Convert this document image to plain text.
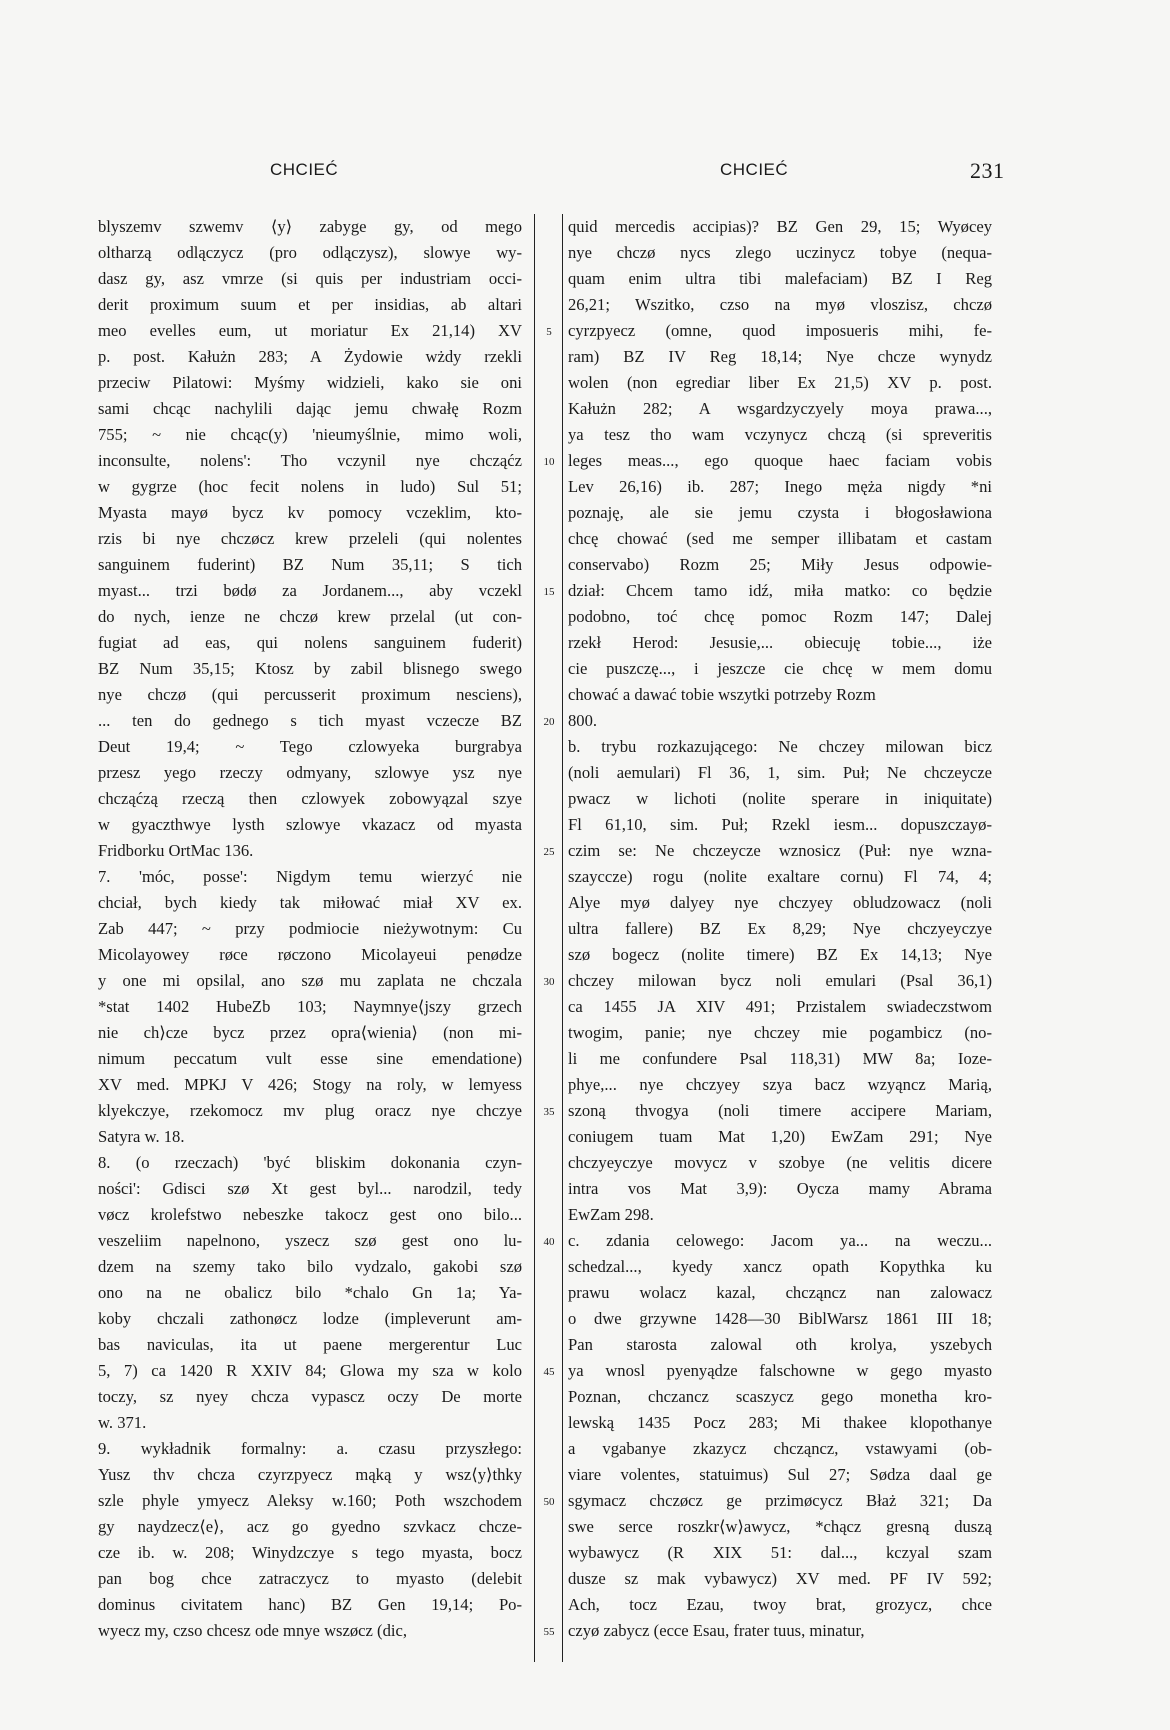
CHCIEĆ	CHCIEĆ	231
blyszemv szwemv ⟨y⟩ zabyge gy, od mego
oltharzą odlączycz (pro odlączysz), slowye wy-
dasz gy, asz vmrze (si quis per industriam occi-
derit proximum suum et per insidias, ab altari
meo evelles eum, ut moriatur Ex 21,14) XV
p. post. Kałużn 283; A Żydowie wżdy rzekli
przeciw Pilatowi: Myśmy widzieli, kako sie oni
sami chcąc nachylili dając jemu chwałę Rozm
755; ~ nie chcąc(y) 'nieumyślnie, mimo woli,
inconsulte, nolens': Tho vczynil nye chcząćz
w gygrze (hoc fecit nolens in ludo) Sul 51;
Myasta mayø bycz kv pomocy vczeklim, kto-
rzis bi nye chczøcz krew przeleli (qui nolentes
sanguinem fuderint) BZ Num 35,11; S tich
myast... trzi bødø za Jordanem..., aby vczekl
do nych, ienze ne chczø krew przelal (ut con-
fugiat ad eas, qui nolens sanguinem fuderit)
BZ Num 35,15; Ktosz by zabil blisnego swego
nye chczø (qui percusserit proximum nesciens),
... ten do gednego s tich myast vczecze BZ
Deut 19,4; ~ Tego czlowyeka burgrabya
przesz yego rzeczy odmyany, szlowye ysz nye
chcząćzą rzeczą then czlowyek zobowyązal szye
w gyaczthwye lysth szlowye vkazacz od myasta
Fridborku OrtMac 136.
7. 'móc, posse': Nigdym temu wierzyć nie
chciał, bych kiedy tak miłować miał XV ex.
Zab 447; ~ przy podmiocie nieżywotnym: Cu
Micolayowey røce røczono Micolayeui penødze
y one mi opsilal, ano szø mu zaplata ne chczala
*stat 1402 HubeZb 103; Naymnye⟨jszy grzech
nie ch⟩cze bycz przez opra⟨wienia⟩ (non mi-
nimum peccatum vult esse sine emendatione)
XV med. MPKJ V 426; Stogy na roly, w lemyess
klyekczye, rzekomocz mv plug oracz nye chczye
Satyra w. 18.
8. (o rzeczach) 'być bliskim dokonania czyn-
ności': Gdisci szø Xt gest byl... narodzil, tedy
vøcz krolefstwo nebeszke takocz gest ono bilo...
veszeliim napelnono, yszecz szø gest ono lu-
dzem na szemy tako bilo vydzalo, gakobi szø
ono na ne obalicz bilo *chalo Gn 1a; Ya-
koby chczali zathonøcz lodze (impleverunt am-
bas naviculas, ita ut paene mergerentur Luc
5, 7) ca 1420 R XXIV 84; Glowa my sza w kolo
toczy, sz nyey chcza vypascz oczy De morte
w. 371.
9. wykładnik formalny: a. czasu przyszłego:
Yusz thv chcza czyrzpyecz mąką y wsz⟨y⟩thky
szle phyle ymyecz Aleksy w.160; Poth wszchodem
gy naydzecz⟨e⟩, acz go gyedno szvkacz chcze-
cze ib. w. 208; Winydzczye s tego myasta, bocz
pan bog chce zatraczycz to myasto (delebit
dominus civitatem hanc) BZ Gen 19,14; Po-
wyecz my, czso chcesz ode mnye wszøcz (dic,
5
10
15
20
25
30
35
40
45
50
55
quid mercedis accipias)? BZ Gen 29, 15; Wyøcey
nye chczø nycs zlego uczinycz tobye (nequa-
quam enim ultra tibi malefaciam) BZ I Reg
26,21; Wszitko, czso na myø vloszisz, chczø
cyrzpyecz (omne, quod imposueris mihi, fe-
ram) BZ IV Reg 18,14; Nye chcze wynydz
wolen (non egrediar liber Ex 21,5) XV p. post.
Kałużn 282; A wsgardzyczyely moya prawa...,
ya tesz tho wam vczynycz chczą (si spreveritis
leges meas..., ego quoque haec faciam vobis
Lev 26,16) ib. 287; Inego męża nigdy *ni
poznaję, ale sie jemu czysta i błogosławiona
chcę chować (sed me semper illibatam et castam
conservabo) Rozm 25; Miły Jesus odpowie-
dział: Chcem tamo idź, miła matko: co będzie
podobno, toć chcę pomoc Rozm 147; Dalej
rzekł Herod: Jesusie,... obiecuję tobie..., iże
cie puszczę..., i jeszcze cie chcę w mem domu
chować a dawać tobie wszytki potrzeby Rozm
800.
b. trybu rozkazującego: Ne chczey milowan bicz
(noli aemulari) Fl 36, 1, sim. Puł; Ne chczeycze
pwacz w lichoti (nolite sperare in iniquitate)
Fl 61,10, sim. Puł; Rzekl iesm... dopuszczayø-
czim se: Ne chczeycze wznosicz (Puł: nye wzna-
szayccze) rogu (nolite exaltare cornu) Fl 74, 4;
Alye myø dalyey nye chczyey obludzowacz (noli
ultra fallere) BZ Ex 8,29; Nye chczyeyczye
szø bogecz (nolite timere) BZ Ex 14,13; Nye
chczey milowan bycz noli emulari (Psal 36,1)
ca 1455 JA XIV 491; Przistalem swiadeczstwom
twogim, panie; nye chczey mie pogambicz (no-
li me confundere Psal 118,31) MW 8a; Ioze-
phye,... nye chczyey szya bacz wzyąncz Marią,
szoną thvogya (noli timere accipere Mariam,
coniugem tuam Mat 1,20) EwZam 291; Nye
chczyeyczye movycz v szobye (ne velitis dicere
intra vos Mat 3,9): Oycza mamy Abrama
EwZam 298.
c. zdania celowego: Jacom ya... na weczu...
schedzal..., kyedy xancz opath Kopythka ku
prawu wolacz kazal, chcząncz nan zalowacz
o dwe grzywne 1428—30 BiblWarsz 1861 III 18;
Pan starosta zalowal oth krolya, yszebych
ya wnosl pyenyądze falschowne w gego myasto
Poznan, chczancz scaszycz gego monetha kro-
lewską 1435 Pocz 283; Mi thakee klopothanye
a vgabanye zkazycz chcząncz, vstawyami (ob-
viare volentes, statuimus) Sul 27; Sødza daal ge
sgymacz chczøcz ge przimøcycz Błaż 321; Da
swe serce roszkr⟨w⟩awycz, *chącz gresną duszą
wybawycz (R XIX 51: dal..., kczyal szam
dusze sz mak vybawycz) XV med. PF IV 592;
Ach, tocz Ezau, twoy brat, grozycz, chce
czyø zabycz (ecce Esau, frater tuus, minatur,
